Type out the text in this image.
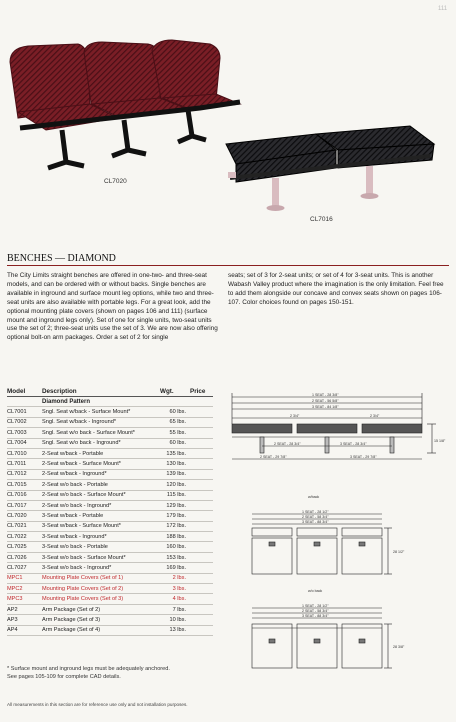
111
CL7020
CL7016
BENCHES — DIAMOND
The City Limits straight benches are offered in one-two- and three-seat models, and can be ordered with or without backs. Single benches are available in inground and surface mount leg options, while two and three-seat units are also available with portable legs. For a great look, add the optional mounting plate covers (shown on pages 106 and 111) (surface mount and inground legs only). Set of one for single units, two-seat units use the set of 2; three-seat units use the set of 3. We are now also offering optional bolt-on arm packages. Order a set of 2 for single
seats; set of 3 for 2-seat units; or set of 4 for 3-seat units. This is another Wabash Valley product where the imagination is the only limitation. Feel free to add them alongside our concave and convex seats shown on pages 106-107. Color choices found on pages 150-151.
Model	Description	Wgt.	Price
	Diamond Pattern		
CL7001	Sngl. Seat w/back - Surface Mount*	60 lbs.	
CL7002	Sngl. Seat w/back - Inground*	65 lbs.	
CL7003	Sngl. Seat w/o back - Surface Mount*	55 lbs.	
CL7004	Sngl. Seat w/o back - Inground*	60 lbs.	
CL7010	2-Seat w/back - Portable	135 lbs.	
CL7011	2-Seat w/back - Surface Mount*	130 lbs.	
CL7012	2-Seat w/back - Inground*	139 lbs.	
CL7015	2-Seat w/o back - Portable	120 lbs.	
CL7016	2-Seat w/o back - Surface Mount*	115 lbs.	
CL7017	2-Seat w/o back - Inground*	129 lbs.	
CL7020	3-Seat w/back - Portable	179 lbs.	
CL7021	3-Seat w/back - Surface Mount*	172 lbs.	
CL7022	3-Seat w/back - Inground*	188 lbs.	
CL7025	3-Seat w/o back - Portable	160 lbs.	
CL7026	3-Seat w/o back - Surface Mount*	153 lbs.	
CL7027	3-Seat w/o back - Inground*	169 lbs.	
MPC1	Mounting Plate Covers (Set of 1)	2 lbs.	
MPC2	Mounting Plate Covers (Set of 2)	3 lbs.	
MPC3	Mounting Plate Covers (Set of 3)	4 lbs.	
AP2	Arm Package (Set of 2)	7 lbs.	
AP3	Arm Package (Set of 3)	10 lbs.	
AP4	Arm Package (Set of 4)	13 lbs.	
* Surface mount and inground legs must be adequately anchored.
See pages 105-109 for complete CAD details.
All measurements in this section are for reference use only and not installation purposes.
1 SEAT - 28 3/8"
2 SEAT - 56 5/8"
3 SEAT - 84 1/8"
2 3/4"	2 3/4"
15 1/8"
2 SEAT - 28 3/4"	3 SEAT - 28 3/4"
2 SEAT - 29 7/8"	3 SEAT - 29 7/8"
w/back
1 SEAT - 28 1/2"
2 SEAT - 58 3/4"
3 SEAT - 88 3/4"
28 1/2"
w/o back
1 SEAT - 28 1/2"
2 SEAT - 58 3/4"
3 SEAT - 88 3/4"
28 3/8"
